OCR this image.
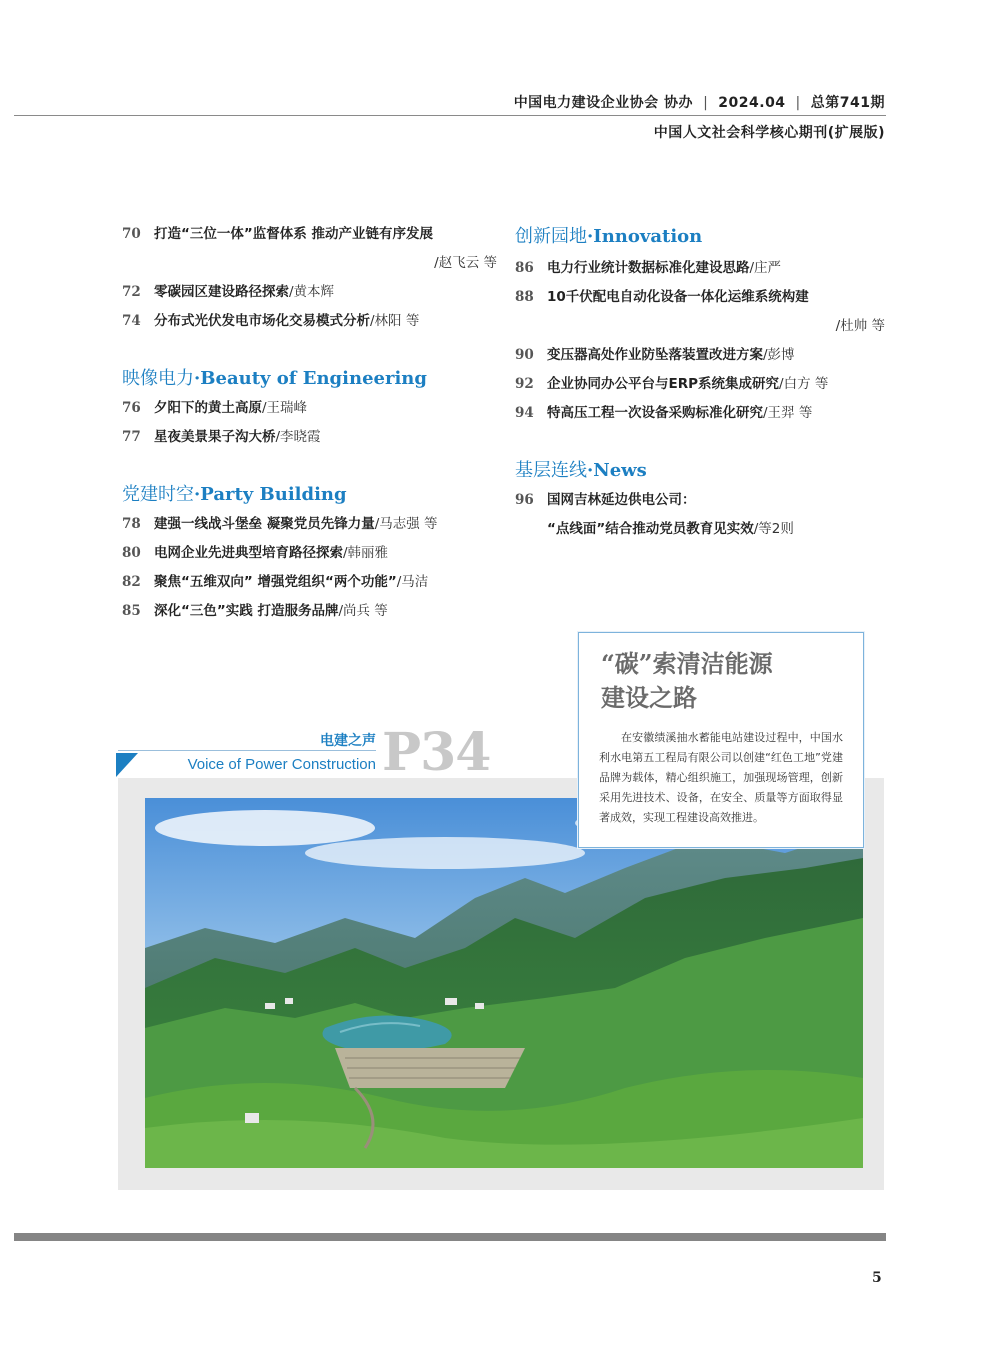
中国电力建设企业协会 协办 | 2024.04 | 总第741期
中国人文社会科学核心期刊(扩展版)
70 打造“三位一体”监督体系 推动产业链有序发展
/赵飞云 等
72 零碳园区建设路径探索/黄本辉
74 分布式光伏发电市场化交易模式分析/林阳 等
映像电力·Beauty of Engineering
76 夕阳下的黄土高原/王瑞峰
77 星夜美景果子沟大桥/李晓霞
党建时空·Party Building
78 建强一线战斗堡垒 凝聚党员先锋力量/马志强 等
80 电网企业先进典型培育路径探索/韩丽雅
82 聚焦“五维双向” 增强党组织“两个功能”/马洁
85 深化“三色”实践 打造服务品牌/尚兵 等
创新园地·Innovation
86 电力行业统计数据标准化建设思路/庄严
88 10千伏配电自动化设备一体化运维系统构建
/杜帅 等
90 变压器高处作业防坠落装置改进方案/彭博
92 企业协同办公平台与ERP系统集成研究/白方 等
94 特高压工程一次设备采购标准化研究/王羿 等
基层连线·News
96 国网吉林延边供电公司：
“点线面”结合推动党员教育见实效/等2则
电建之声
Voice of Power Construction P34
“碳”索清洁能源
建设之路
在安徽绩溪抽水蓄能电站建设过程中，中国水利水电第五工程局有限公司以创建“红色工地”党建品牌为载体，精心组织施工，加强现场管理，创新采用先进技术、设备，在安全、质量等方面取得显著成效，实现工程建设高效推进。
5
